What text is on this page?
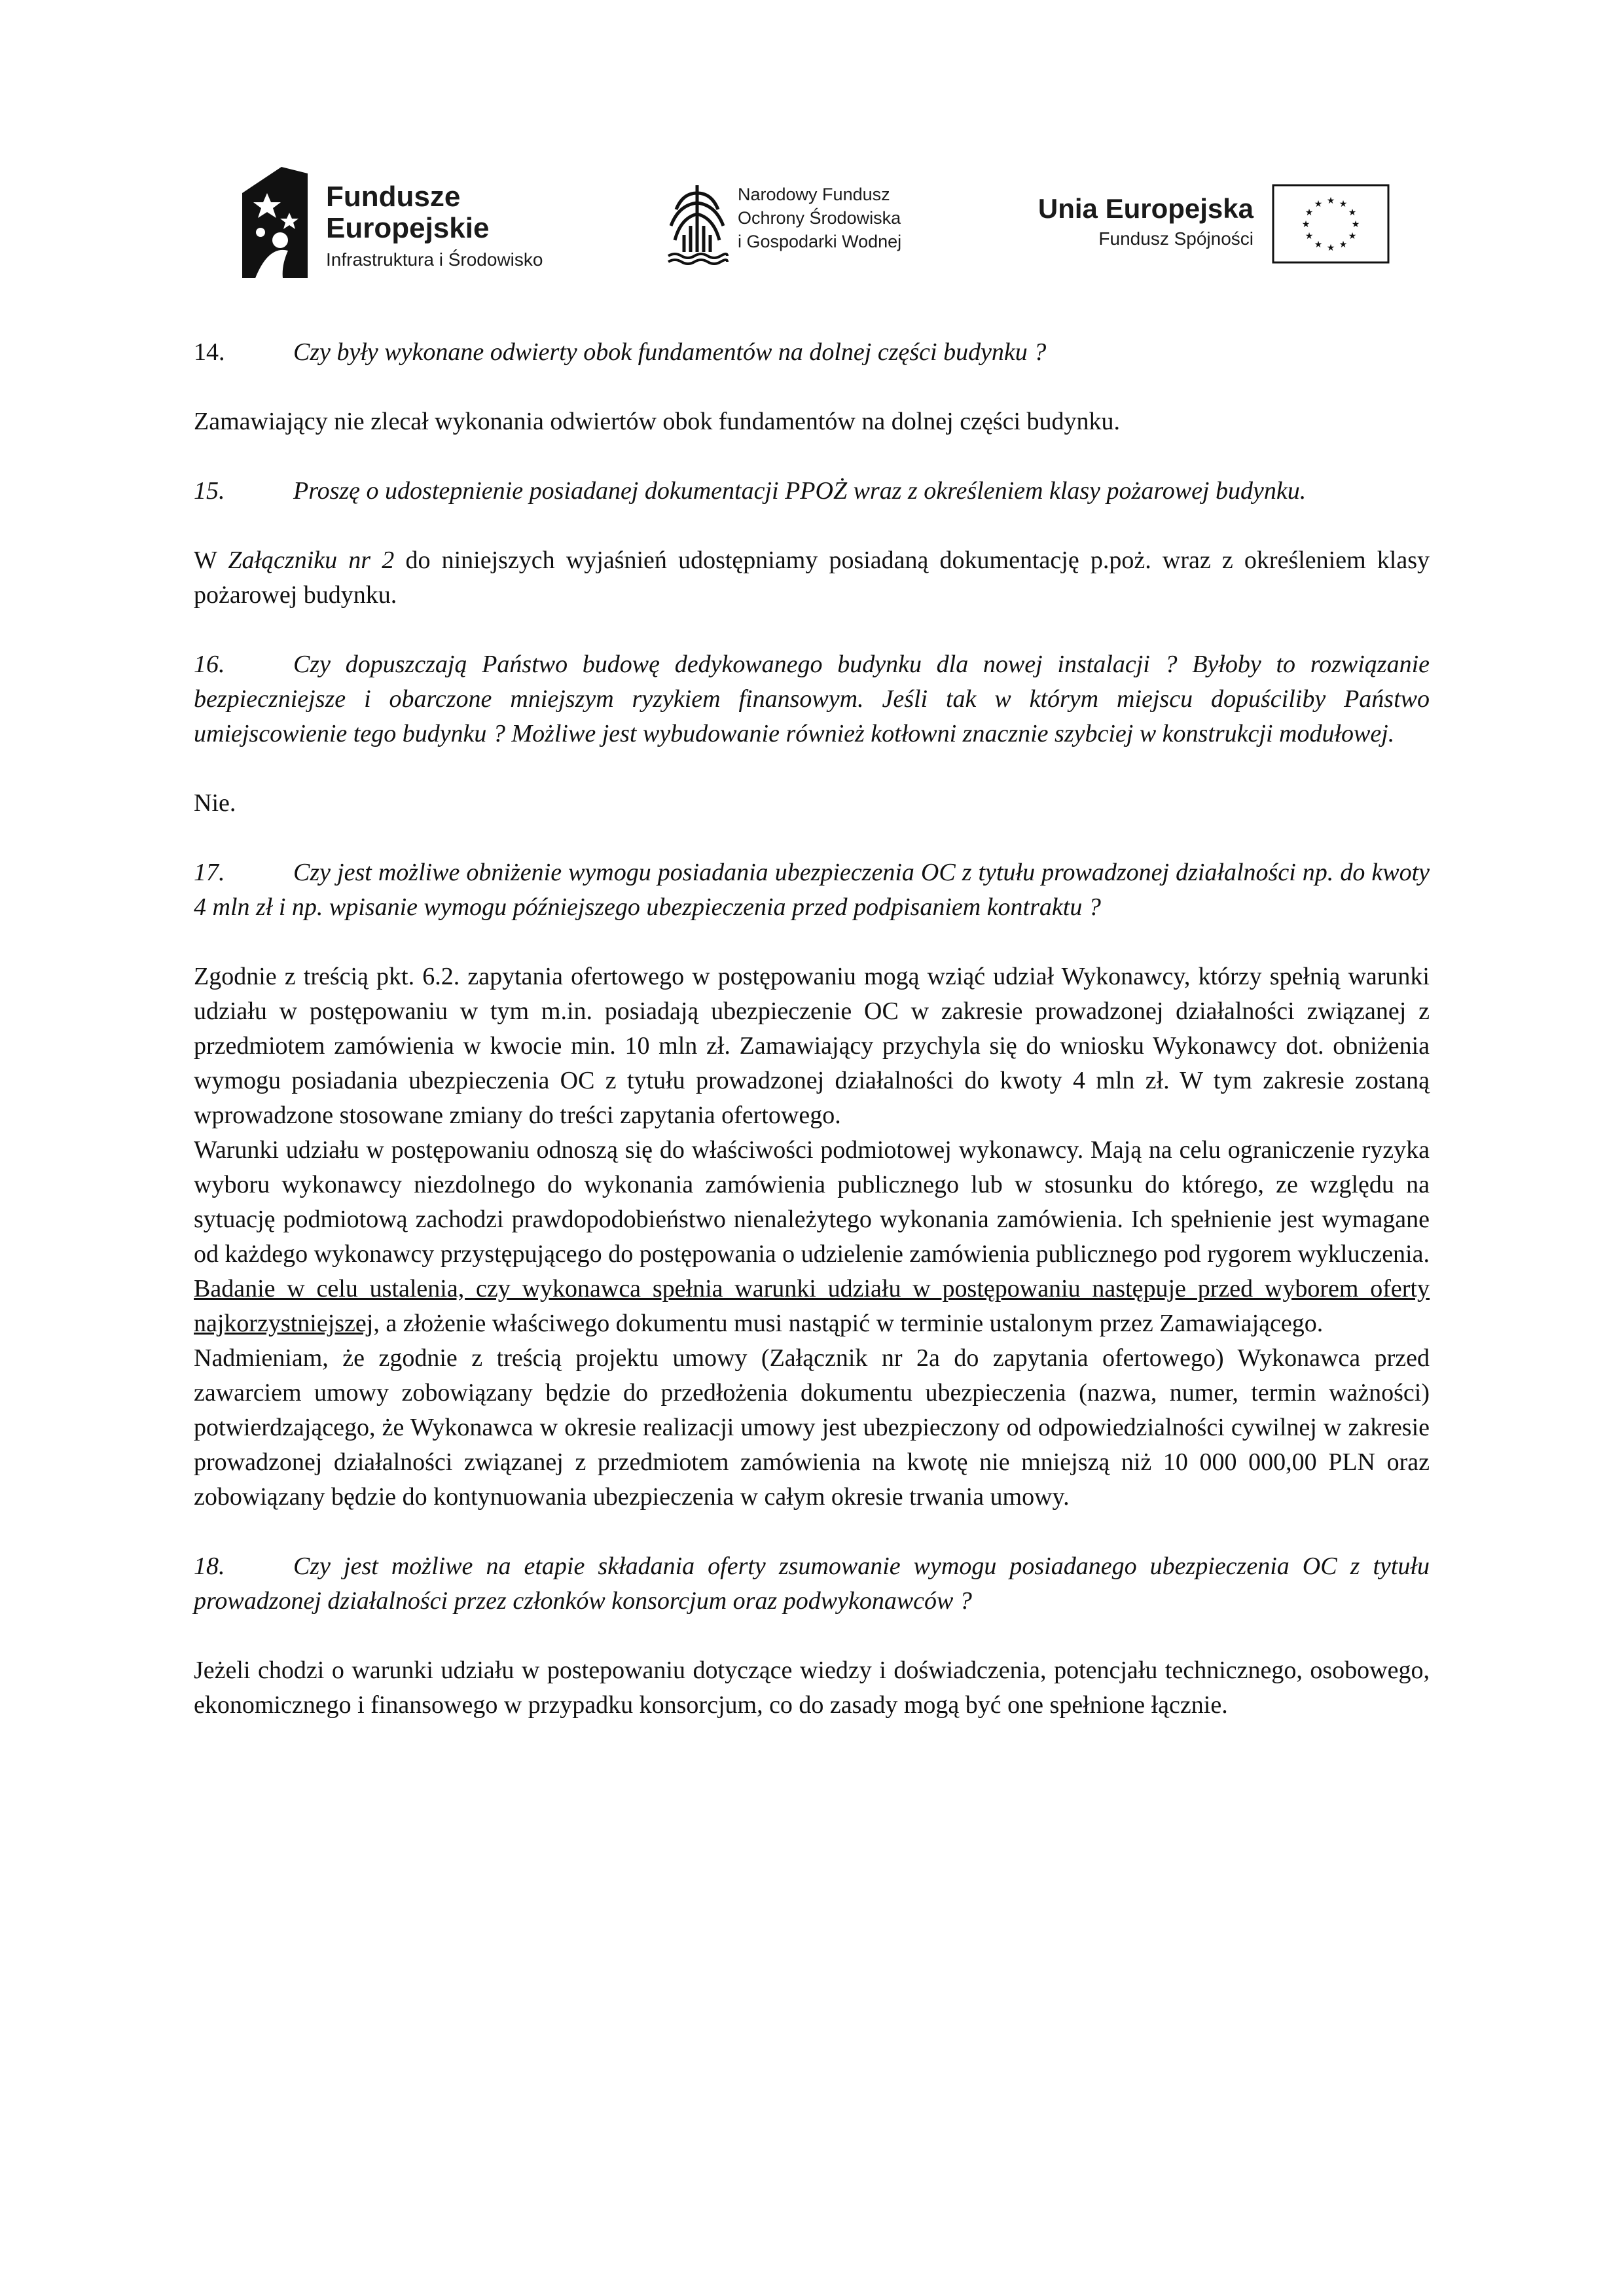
Fundusze
Europejskie
Infrastruktura i Środowisko
Narodowy Fundusz
Ochrony Środowiska
i Gospodarki Wodnej
Unia Europejska
Fundusz Spójności
★ ★
★
★
★
★
★
★
★
★
★
★

14.	Czy były wykonane odwierty obok fundamentów na dolnej części budynku ?

Zamawiający nie zlecał wykonania odwiertów obok fundamentów na dolnej części budynku.

15.	Proszę o udostepnienie posiadanej dokumentacji PPOŻ wraz z określeniem klasy pożarowej budynku.

W Załączniku nr 2 do niniejszych wyjaśnień udostępniamy posiadaną dokumentację p.poż. wraz z określeniem klasy pożarowej budynku.

16.	Czy dopuszczają Państwo budowę dedykowanego budynku dla nowej instalacji ? Byłoby to rozwiązanie bezpieczniejsze i obarczone mniejszym ryzykiem finansowym. Jeśli tak w którym miejscu dopuściliby Państwo umiejscowienie tego budynku ? Możliwe jest wybudowanie również kotłowni znacznie szybciej w konstrukcji modułowej.

Nie.

17.	Czy jest możliwe obniżenie wymogu posiadania ubezpieczenia OC z tytułu prowadzonej działalności np. do kwoty 4 mln zł i np. wpisanie wymogu późniejszego ubezpieczenia przed podpisaniem kontraktu ?

Zgodnie z treścią pkt. 6.2. zapytania ofertowego w postępowaniu mogą wziąć udział Wykonawcy, którzy spełnią warunki udziału w postępowaniu w tym m.in. posiadają ubezpieczenie OC w zakresie prowadzonej działalności związanej z przedmiotem zamówienia w kwocie min. 10 mln zł. Zamawiający przychyla się do wniosku Wykonawcy dot. obniżenia wymogu posiadania ubezpieczenia OC z tytułu prowadzonej działalności do kwoty 4 mln zł. W tym zakresie zostaną wprowadzone stosowane zmiany do treści zapytania ofertowego.

Warunki udziału w postępowaniu odnoszą się do właściwości podmiotowej wykonawcy. Mają na celu ograniczenie ryzyka wyboru wykonawcy niezdolnego do wykonania zamówienia publicznego lub w stosunku do którego, ze względu na sytuację podmiotową zachodzi prawdopodobieństwo nienależytego wykonania zamówienia. Ich spełnienie jest wymagane od każdego wykonawcy przystępującego do postępowania o udzielenie zamówienia publicznego pod rygorem wykluczenia. Badanie w celu ustalenia, czy wykonawca spełnia warunki udziału w postępowaniu następuje przed wyborem oferty najkorzystniejszej, a złożenie właściwego dokumentu musi nastąpić w terminie ustalonym przez Zamawiającego.

Nadmieniam, że zgodnie z treścią projektu umowy (Załącznik nr 2a do zapytania ofertowego) Wykonawca przed zawarciem umowy zobowiązany będzie do przedłożenia dokumentu ubezpieczenia (nazwa, numer, termin ważności) potwierdzającego, że Wykonawca w okresie realizacji umowy jest ubezpieczony od odpowiedzialności cywilnej w zakresie prowadzonej działalności związanej z przedmiotem zamówienia na kwotę nie mniejszą niż 10 000 000,00 PLN oraz zobowiązany będzie do kontynuowania ubezpieczenia w całym okresie trwania umowy.

18.	Czy jest możliwe na etapie składania oferty zsumowanie wymogu posiadanego ubezpieczenia OC z tytułu prowadzonej działalności przez członków konsorcjum oraz podwykonawców ?

Jeżeli chodzi o warunki udziału w postepowaniu dotyczące wiedzy i doświadczenia, potencjału technicznego, osobowego, ekonomicznego i finansowego w przypadku konsorcjum, co do zasady mogą być one spełnione łącznie.
